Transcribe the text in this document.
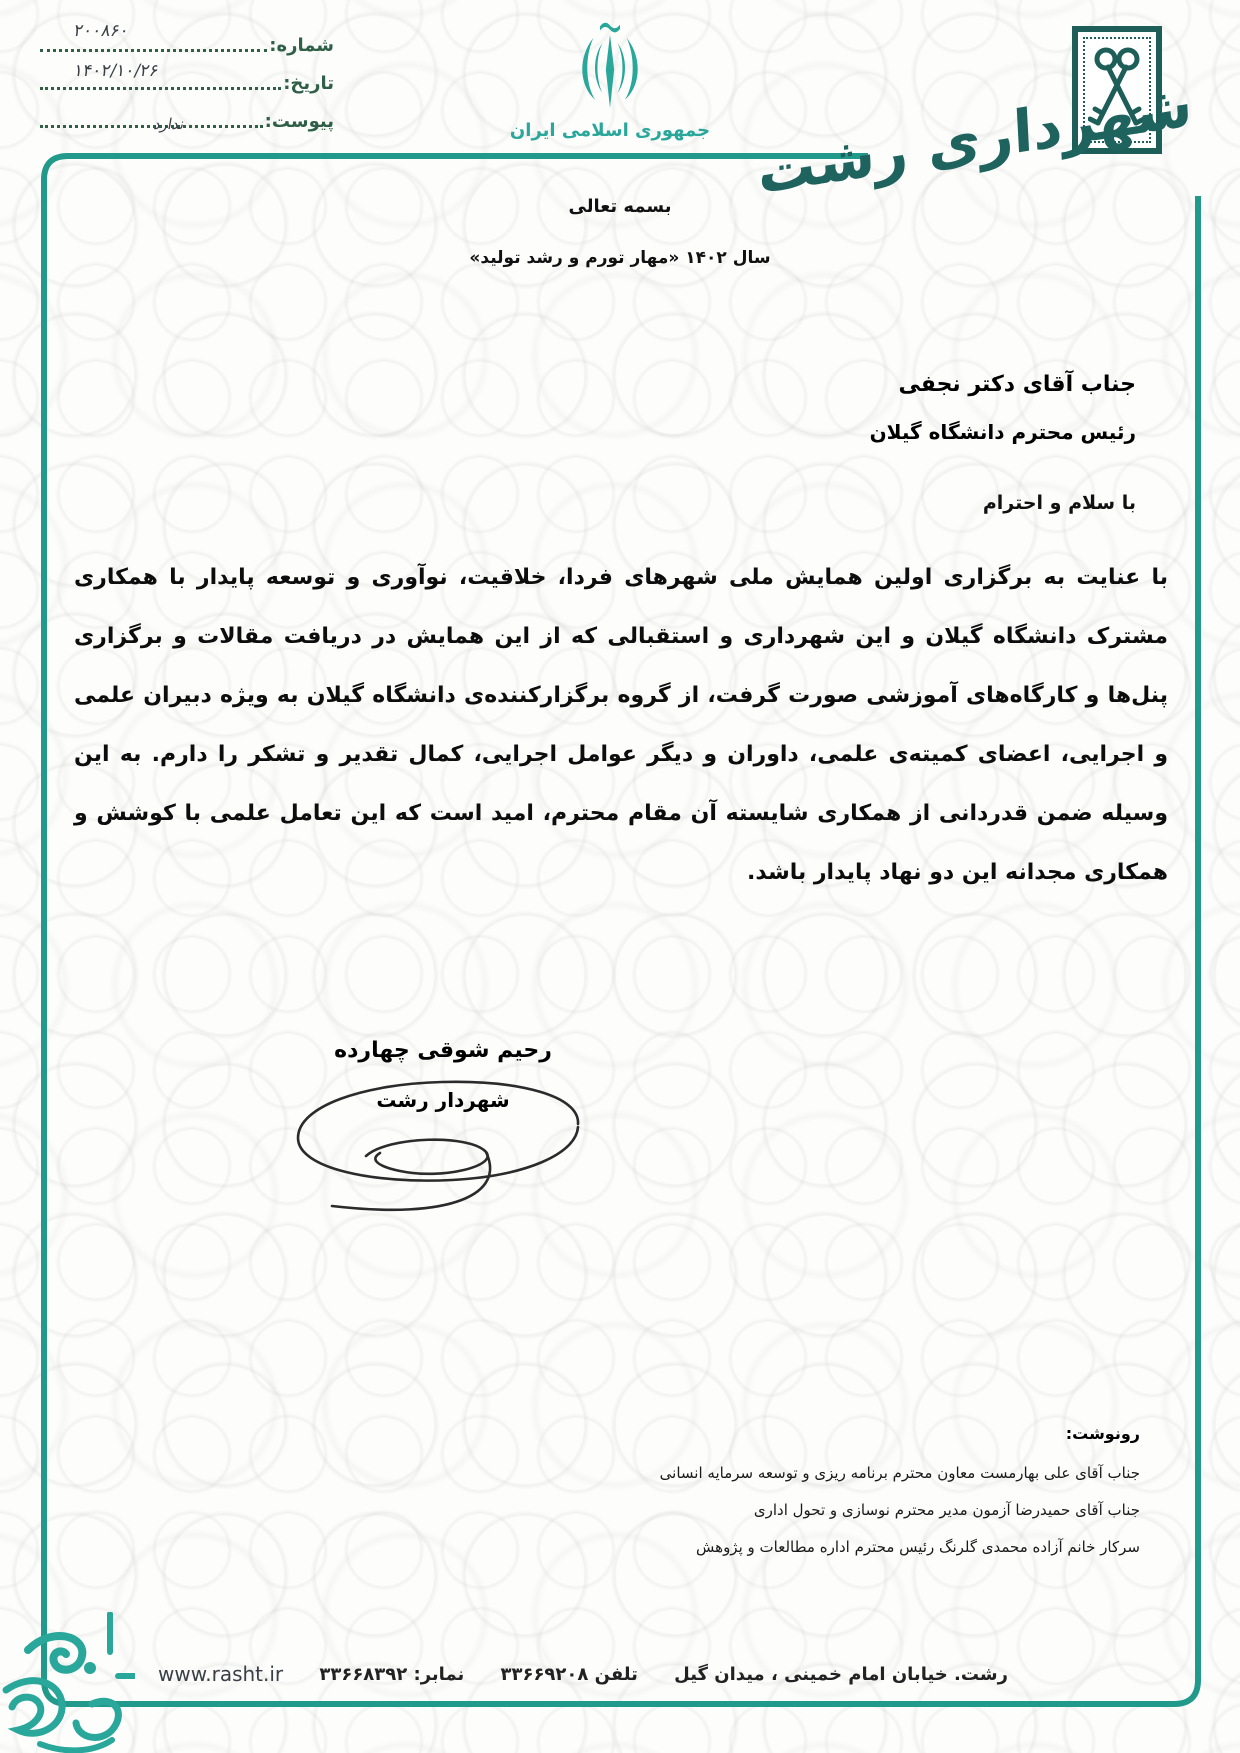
شماره:
۲۰۰۸۶۰
تاریخ:
۱۴۰۲/۱۰/۲۶
پیوست:
ندارد	جمهوری اسلامی ایران شهرداری رشت
بسمه تعالی
سال ۱۴۰۲ «مهار تورم و رشد تولید»
جناب آقای دکتر نجفی
رئیس محترم دانشگاه گیلان
با سلام و احترام
با عنایت به برگزاری اولین همایش ملی شهرهای فردا، خلاقیت، نوآوری و توسعه پایدار با همکاری مشترک دانشگاه گیلان و این شهرداری و استقبالی که از این همایش در دریافت مقالات و برگزاری پنل‌ها و کارگاه‌های آموزشی صورت گرفت، از گروه برگزارکننده‌ی دانشگاه گیلان به ویژه دبیران علمی و اجرایی، اعضای کمیته‌ی علمی، داوران و دیگر عوامل اجرایی، کمال تقدیر و تشکر را دارم. به این وسیله ضمن قدردانی از همکاری شایسته آن مقام محترم، امید است که این تعامل علمی با کوشش و همکاری مجدانه این دو نهاد پایدار باشد.
رحیم شوقی چهارده
شهردار رشت
رونوشت:
جناب آقای علی بهارمست معاون محترم برنامه ریزی و توسعه سرمایه انسانی
جناب آقای حمیدرضا آزمون مدیر محترم نوسازی و تحول اداری
سرکار خانم آزاده محمدی گلرنگ رئیس محترم اداره مطالعات و پژوهش
رشت. خیابان امام خمینی ، میدان گیل
تلفن ۳۳۶۶۹۲۰۸
نمابر: ۳۳۶۶۸۳۹۲
www.rasht.ir
